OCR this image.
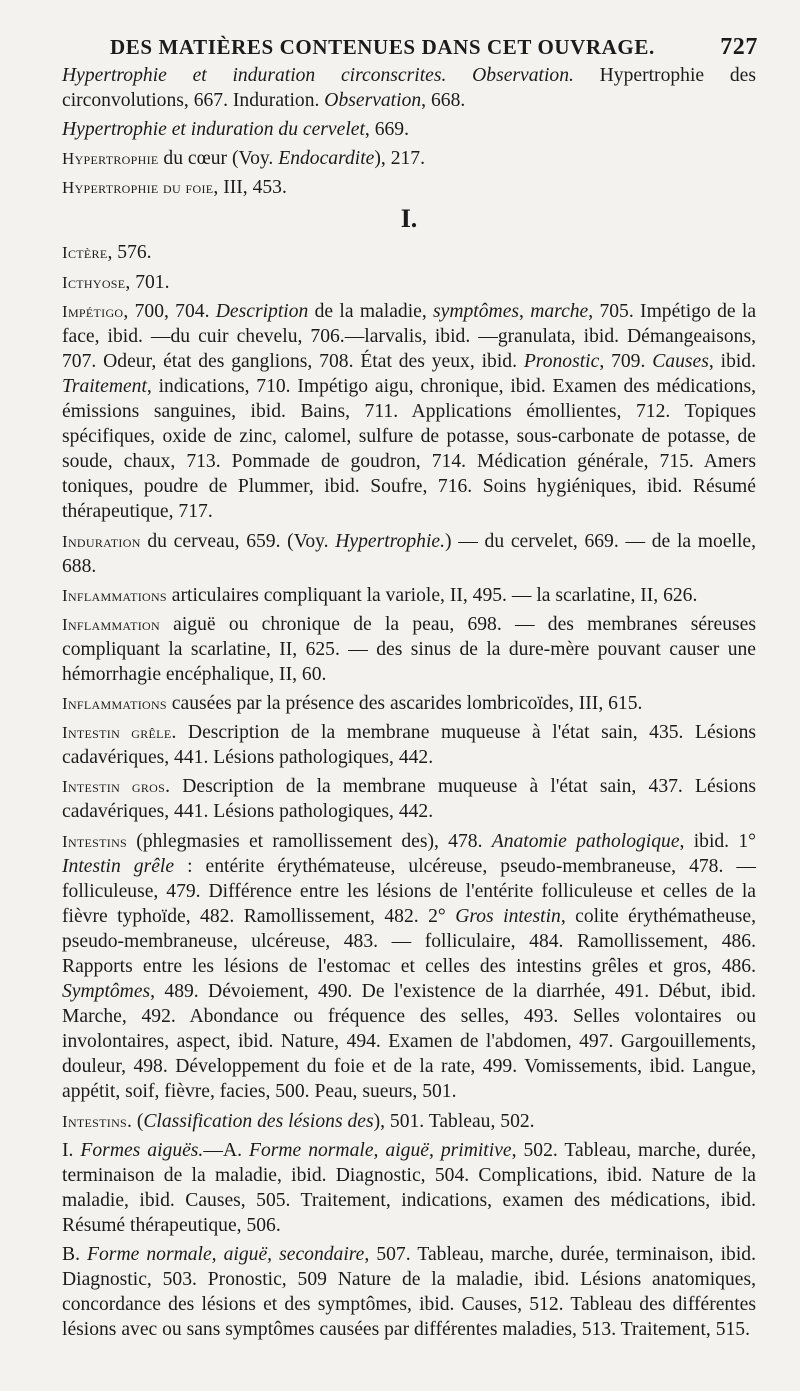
DES MATIÈRES CONTENUES DANS CET OUVRAGE.	727

Hypertrophie et induration circonscrites. Observation. Hypertrophie des circonvolutions, 667. Induration. Observation, 668.

Hypertrophie et induration du cervelet, 669.

Hypertrophie du cœur (Voy. Endocardite), 217.

Hypertrophie du foie, III, 453.

I.

Ictère, 576.

Icthyose, 701.

Impétigo, 700, 704. Description de la maladie, symptômes, marche, 705. Impétigo de la face, ibid. —du cuir chevelu, 706.—larvalis, ibid. —granulata, ibid. Démangeaisons, 707. Odeur, état des ganglions, 708. État des yeux, ibid. Pronostic, 709. Causes, ibid. Traitement, indications, 710. Impétigo aigu, chronique, ibid. Examen des médications, émissions sanguines, ibid. Bains, 711. Applications émollientes, 712. Topiques spécifiques, oxide de zinc, calomel, sulfure de potasse, sous-carbonate de potasse, de soude, chaux, 713. Pommade de goudron, 714. Médication générale, 715. Amers toniques, poudre de Plummer, ibid. Soufre, 716. Soins hygiéniques, ibid. Résumé thérapeutique, 717.

Induration du cerveau, 659. (Voy. Hypertrophie.) — du cervelet, 669. — de la moelle, 688.

Inflammations articulaires compliquant la variole, II, 495. — la scarlatine, II, 626.

Inflammation aiguë ou chronique de la peau, 698. — des membranes séreuses compliquant la scarlatine, II, 625. — des sinus de la dure-mère pouvant causer une hémorrhagie encéphalique, II, 60.

Inflammations causées par la présence des ascarides lombricoïdes, III, 615.

Intestin grêle. Description de la membrane muqueuse à l'état sain, 435. Lésions cadavériques, 441. Lésions pathologiques, 442.

Intestin gros. Description de la membrane muqueuse à l'état sain, 437. Lésions cadavériques, 441. Lésions pathologiques, 442.

Intestins (phlegmasies et ramollissement des), 478. Anatomie pathologique, ibid. 1° Intestin grêle : entérite érythémateuse, ulcéreuse, pseudo-membraneuse, 478. — folliculeuse, 479. Différence entre les lésions de l'entérite folliculeuse et celles de la fièvre typhoïde, 482. Ramollissement, 482. 2° Gros intestin, colite érythématheuse, pseudo-membraneuse, ulcéreuse, 483. — folliculaire, 484. Ramollissement, 486. Rapports entre les lésions de l'estomac et celles des intestins grêles et gros, 486. Symptômes, 489. Dévoiement, 490. De l'existence de la diarrhée, 491. Début, ibid. Marche, 492. Abondance ou fréquence des selles, 493. Selles volontaires ou involontaires, aspect, ibid. Nature, 494. Examen de l'abdomen, 497. Gargouillements, douleur, 498. Développement du foie et de la rate, 499. Vomissements, ibid. Langue, appétit, soif, fièvre, facies, 500. Peau, sueurs, 501.

Intestins. (Classification des lésions des), 501. Tableau, 502.

I. Formes aiguës.—A. Forme normale, aiguë, primitive, 502. Tableau, marche, durée, terminaison de la maladie, ibid. Diagnostic, 504. Complications, ibid. Nature de la maladie, ibid. Causes, 505. Traitement, indications, examen des médications, ibid. Résumé thérapeutique, 506.

B. Forme normale, aiguë, secondaire, 507. Tableau, marche, durée, terminaison, ibid. Diagnostic, 503. Pronostic, 509 Nature de la maladie, ibid. Lésions anatomiques, concordance des lésions et des symptômes, ibid. Causes, 512. Tableau des différentes lésions avec ou sans symptômes causées par différentes maladies, 513. Traitement, 515.
